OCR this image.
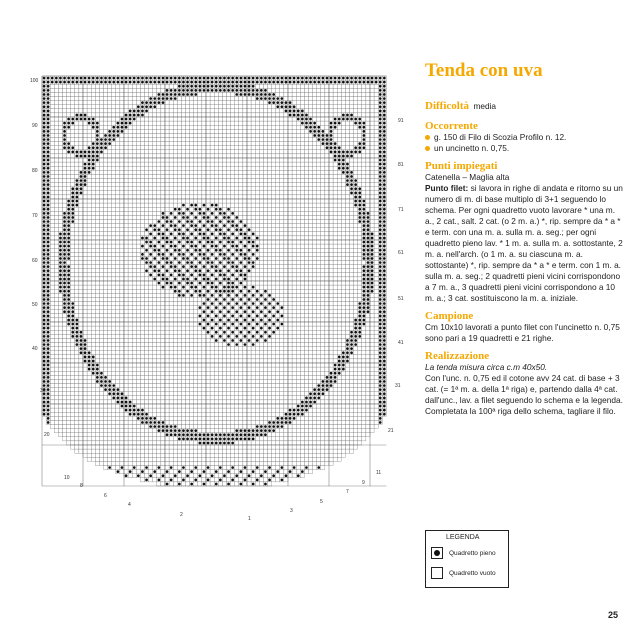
100
90
80
70
60
50
40
30
20
10
8
6
4
2
91
81
71
61
51
41
31
21
11
9
7
5
3
1
Tenda con uva
Difficoltà media
Occorrente
g. 150 di Filo di Scozia Profilo n. 12.
un uncinetto n. 0,75.
Punti impiegati
Catenella – Maglia alta
Punto filet: si lavora in righe di andata e ritorno su un numero di m. di base multiplo di 3+1 seguendo lo schema. Per ogni quadretto vuoto lavorare * una m. a., 2 cat., salt. 2 cat. (o 2 m. a.) *, rip. sempre da * a * e term. con una m. a. sulla m. a. seg.; per ogni quadretto pieno lav. * 1 m. a. sulla m. a. sottostante, 2 m. a. nell'arch. (o 1 m. a. su ciascuna m. a. sottostante) *, rip. sempre da * a * e term. con 1 m. a. sulla m. a. seg.; 2 quadretti pieni vicini corrispondono a 7 m. a., 3 quadretti pieni vicini corrispondono a 10 m. a.; 3 cat. sostituiscono la m. a. iniziale.
Campione
Cm 10x10 lavorati a punto filet con l'uncinetto n. 0,75 sono pari a 19 quadretti e 21 righe.
Realizzazione
La tenda misura circa c.m 40x50.
Con l'unc. n. 0,75 ed il cotone avv 24 cat. di base + 3 cat. (= 1ª m. a. della 1ª riga) e, partendo dalla 4ª cat. dall'unc., lav. a filet seguendo lo schema e la legenda. Completata la 100ª riga dello schema, tagliare il filo.
LEGENDA
Quadretto pieno
Quadretto vuoto
25
